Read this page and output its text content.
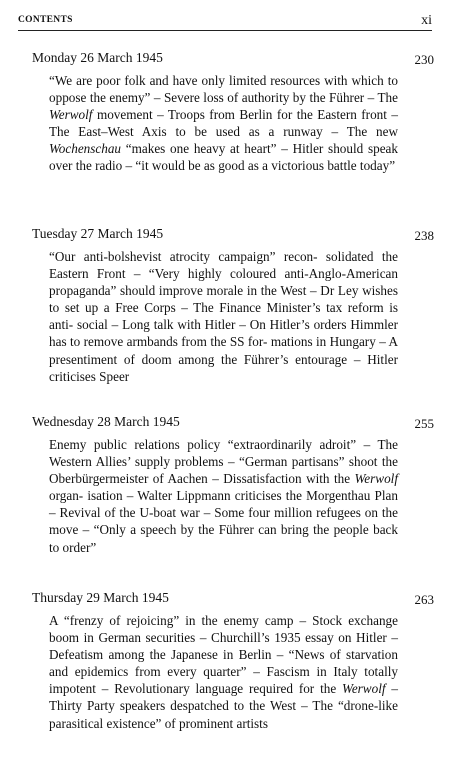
CONTENTS	xi
Monday 26 March 1945	230

“We are poor folk and have only limited resources with which to oppose the enemy” – Severe loss of authority by the Führer – The Werwolf movement – Troops from Berlin for the Eastern front – The East–West Axis to be used as a runway – The new Wochenschau “makes one heavy at heart” – Hitler should speak over the radio – “it would be as good as a victorious battle today”

Tuesday 27 March 1945	238

“Our anti-bolshevist atrocity campaign” recon- solidated the Eastern Front – “Very highly coloured anti-Anglo-American propaganda” should improve morale in the West – Dr Ley wishes to set up a Free Corps – The Finance Minister’s tax reform is anti- social – Long talk with Hitler – On Hitler’s orders Himmler has to remove armbands from the SS for- mations in Hungary – A presentiment of doom among the Führer’s entourage – Hitler criticises Speer

Wednesday 28 March 1945	255

Enemy public relations policy “extraordinarily adroit” – The Western Allies’ supply problems – “German partisans” shoot the Oberbürgermeister of Aachen – Dissatisfaction with the Werwolf organ- isation – Walter Lippmann criticises the Morgenthau Plan – Revival of the U-boat war – Some four million refugees on the move – “Only a speech by the Führer can bring the people back to order”

Thursday 29 March 1945	263

A “frenzy of rejoicing” in the enemy camp – Stock exchange boom in German securities – Churchill’s 1935 essay on Hitler – Defeatism among the Japanese in Berlin – “News of starvation and epidemics from every quarter” – Fascism in Italy totally impotent – Revolutionary language required for the Werwolf – Thirty Party speakers despatched to the West – The “drone-like parasitical existence” of prominent artists
